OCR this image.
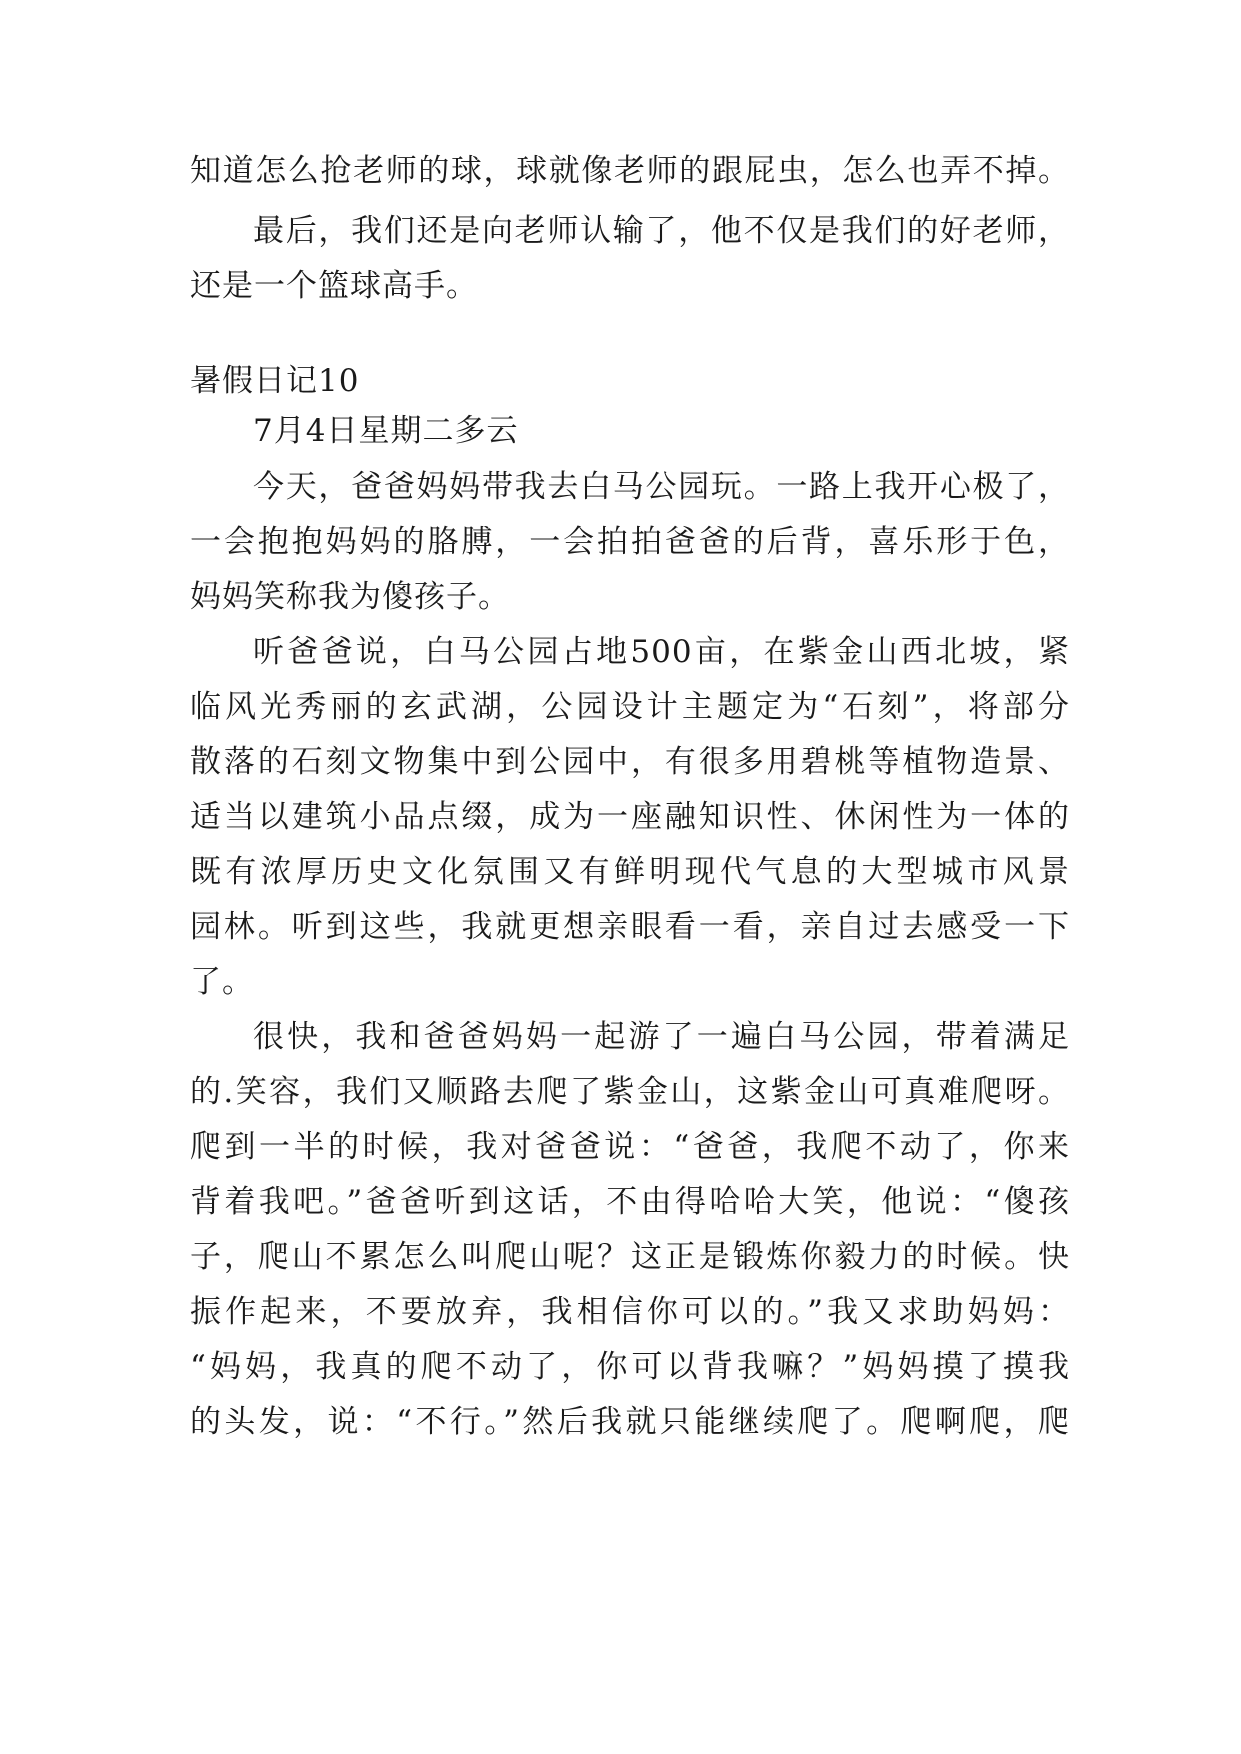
知道怎么抢老师的球，球就像老师的跟屁虫，怎么也弄不掉。
最后，我们还是向老师认输了，他不仅是我们的好老师，
还是一个篮球高手。
暑假日记10
7月4日星期二多云
今天，爸爸妈妈带我去白马公园玩。一路上我开心极了，
一会抱抱妈妈的胳膊，一会拍拍爸爸的后背，喜乐形于色，
妈妈笑称我为傻孩子。
听爸爸说，白马公园占地500亩，在紫金山西北坡，紧
临风光秀丽的玄武湖，公园设计主题定为“石刻”，将部分
散落的石刻文物集中到公园中，有很多用碧桃等植物造景、
适当以建筑小品点缀，成为一座融知识性、休闲性为一体的
既有浓厚历史文化氛围又有鲜明现代气息的大型城市风景
园林。听到这些，我就更想亲眼看一看，亲自过去感受一下
了。
很快，我和爸爸妈妈一起游了一遍白马公园，带着满足
的.笑容，我们又顺路去爬了紫金山，这紫金山可真难爬呀。
爬到一半的时候，我对爸爸说：“爸爸，我爬不动了，你来
背着我吧。”爸爸听到这话，不由得哈哈大笑，他说：“傻孩
子，爬山不累怎么叫爬山呢？这正是锻炼你毅力的时候。快
振作起来，不要放弃，我相信你可以的。”我又求助妈妈：
“妈妈，我真的爬不动了，你可以背我嘛？”妈妈摸了摸我
的头发，说：“不行。”然后我就只能继续爬了。爬啊爬，爬
